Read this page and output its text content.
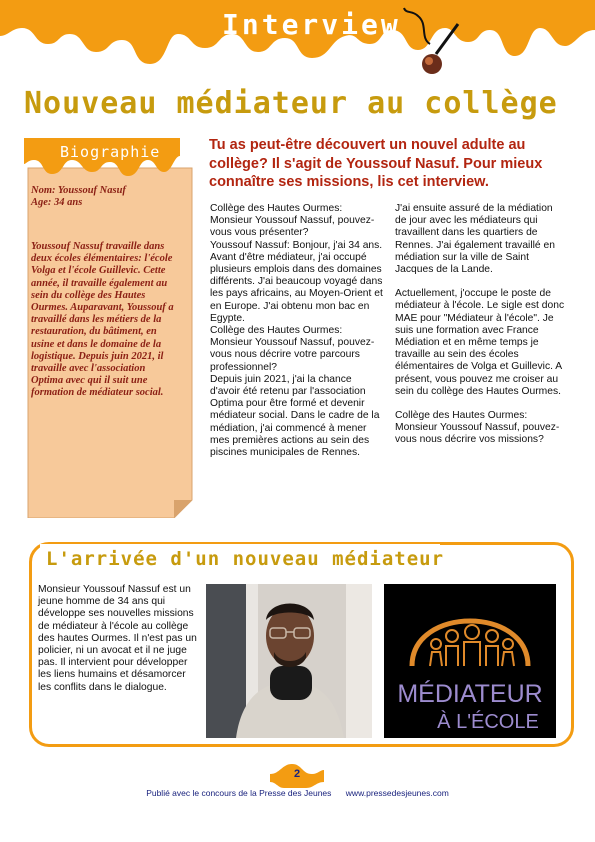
Interview
Nouveau médiateur au collège
Biographie
Nom: Youssouf Nasuf
Age: 34 ans
Youssouf Nassuf travaille dans deux écoles élémentaires: l'école Volga et l'école Guillevic. Cette année, il travaille également au sein du collège des Hautes Ourmes. Auparavant, Youssouf a travaillé dans les métiers de la restauration, du bâtiment, en usine et dans le domaine de la logistique. Depuis juin 2021, il travaille avec l'association Optima avec qui il suit une formation de médiateur social.
Tu as peut-être découvert un nouvel adulte au collège? Il s'agit de Youssouf Nasuf. Pour mieux connaître ses missions, lis cet interview.

Collège des Hautes Ourmes: Monsieur Youssouf Nassuf, pouvez-vous vous présenter?

Youssouf Nassuf: Bonjour, j'ai 34 ans. Avant d'être médiateur, j'ai occupé plusieurs emplois dans des domaines différents. J'ai beaucoup voyagé dans les pays africains, au Moyen-Orient et en Europe. J'ai obtenu mon bac en Egypte.

Collège des Hautes Ourmes: Monsieur Youssouf Nassuf, pouvez-vous nous décrire votre parcours professionnel?

Depuis juin 2021, j'ai la chance d'avoir été retenu par l'association Optima pour être formé et devenir médiateur social. Dans le cadre de la médiation, j'ai commencé à mener mes premières actions au sein des piscines municipales de Rennes.

J'ai ensuite assuré de la médiation de jour avec les médiateurs qui travaillent dans les quartiers de Rennes. J'ai également travaillé en médiation sur la ville de Saint Jacques de la Lande.

Actuellement, j'occupe le poste de médiateur à l'école. Le sigle est donc MAE pour "Médiateur à l'école". Je suis une formation avec France Médiation et en même temps je travaille au sein des écoles élémentaires de Volga et Guillevic. A présent, vous pouvez me croiser au sein du collège des Hautes Ourmes.

Collège des Hautes Ourmes: Monsieur Youssouf Nassuf, pouvez-vous nous décrire vos missions?

L'arrivée d'un nouveau médiateur
Monsieur Youssouf Nassuf est un jeune homme de 34 ans qui développe ses nouvelles missions de médiateur à l'école au collège des hautes Ourmes. Il n'est pas un policier, ni un avocat et il ne juge pas. Il intervient pour développer les liens humains et désamorcer les conflits dans le dialogue.	MÉDIATEUR
À L'ÉCOLE
2
Publié avec le concours de la Presse des Jeunes www.pressedesjeunes.com
